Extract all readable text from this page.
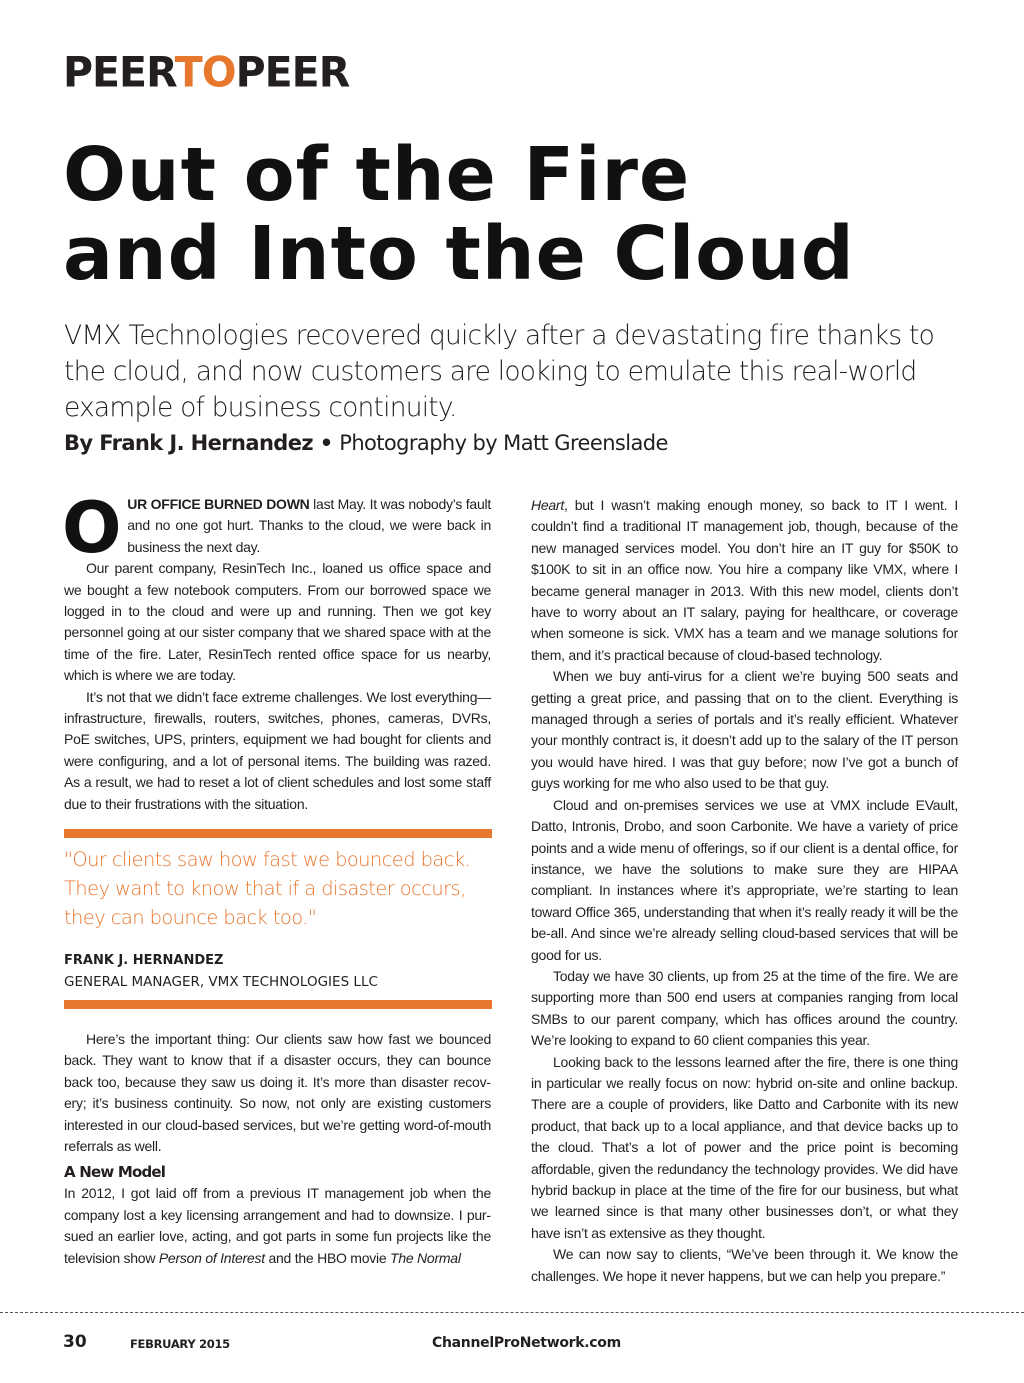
PEERTOPEER
Out of the Fire
and Into the Cloud

VMX Technologies recovered quickly after a devastating fire thanks to the cloud, and now customers are looking to emulate this real-world example of business continuity.

By Frank J. Hernandez • Photography by Matt Greenslade

OUR OFFICE BURNED DOWN last May. It was nobody’s fault and no one got hurt. Thanks to the cloud, we were back in business the next day.

Our parent company, ResinTech Inc., loaned us office space and we bought a few notebook computers. From our borrowed space we logged in to the cloud and were up and running. Then we got key personnel going at our sister company that we shared space with at the time of the fire. Later, ResinTech rented office space for us nearby, which is where we are today.

It’s not that we didn’t face extreme challenges. We lost everything—infrastructure, firewalls, routers, switches, phones, cameras, DVRs, PoE switches, UPS, printers, equipment we had bought for clients and were configuring, and a lot of personal items. The building was razed. As a result, we had to reset a lot of client schedules and lost some staff due to their frustrations with the situation.

"Our clients saw how fast we bounced back. They want to know that if a disaster occurs, they can bounce back too."

FRANK J. HERNANDEZ

GENERAL MANAGER, VMX TECHNOLOGIES LLC

Here’s the important thing: Our clients saw how fast we bounced back. They want to know that if a disaster occurs, they can bounce back too, because they saw us doing it. It’s more than disaster recovery; it’s business continuity. So now, not only are existing customers interested in our cloud-based services, but we’re getting word-of-mouth referrals as well.

A New Model

In 2012, I got laid off from a previous IT management job when the company lost a key licensing arrangement and had to downsize. I pursued an earlier love, acting, and got parts in some fun projects like the television show Person of Interest and the HBO movie The Normal

Heart, but I wasn’t making enough money, so back to IT I went. I couldn’t find a traditional IT management job, though, because of the new managed services model. You don’t hire an IT guy for $50K to $100K to sit in an office now. You hire a company like VMX, where I became general manager in 2013. With this new model, clients don’t have to worry about an IT salary, paying for healthcare, or coverage when someone is sick. VMX has a team and we manage solutions for them, and it’s practical because of cloud-based technology.

When we buy anti-virus for a client we’re buying 500 seats and getting a great price, and passing that on to the client. Everything is managed through a series of portals and it’s really efficient. Whatever your monthly contract is, it doesn’t add up to the salary of the IT person you would have hired. I was that guy before; now I’ve got a bunch of guys working for me who also used to be that guy.

Cloud and on-premises services we use at VMX include EVault, Datto, Intronis, Drobo, and soon Carbonite. We have a variety of price points and a wide menu of offerings, so if our client is a dental office, for instance, we have the solutions to make sure they are HIPAA compliant. In instances where it’s appropriate, we’re starting to lean toward Office 365, understanding that when it’s really ready it will be the be-all. And since we’re already selling cloud-based services that will be good for us.

Today we have 30 clients, up from 25 at the time of the fire. We are supporting more than 500 end users at companies ranging from local SMBs to our parent company, which has offices around the country. We’re looking to expand to 60 client companies this year.

Looking back to the lessons learned after the fire, there is one thing in particular we really focus on now: hybrid on-site and online backup. There are a couple of providers, like Datto and Carbonite with its new product, that back up to a local appliance, and that device backs up to the cloud. That’s a lot of power and the price point is becoming affordable, given the redundancy the technology provides. We did have hybrid backup in place at the time of the fire for our business, but what we learned since is that many other businesses don’t, or what they have isn’t as extensive as they thought.

We can now say to clients, “We’ve been through it. We know the challenges. We hope it never happens, but we can help you prepare.”

30	FEBRUARY 2015	ChannelProNetwork.com
